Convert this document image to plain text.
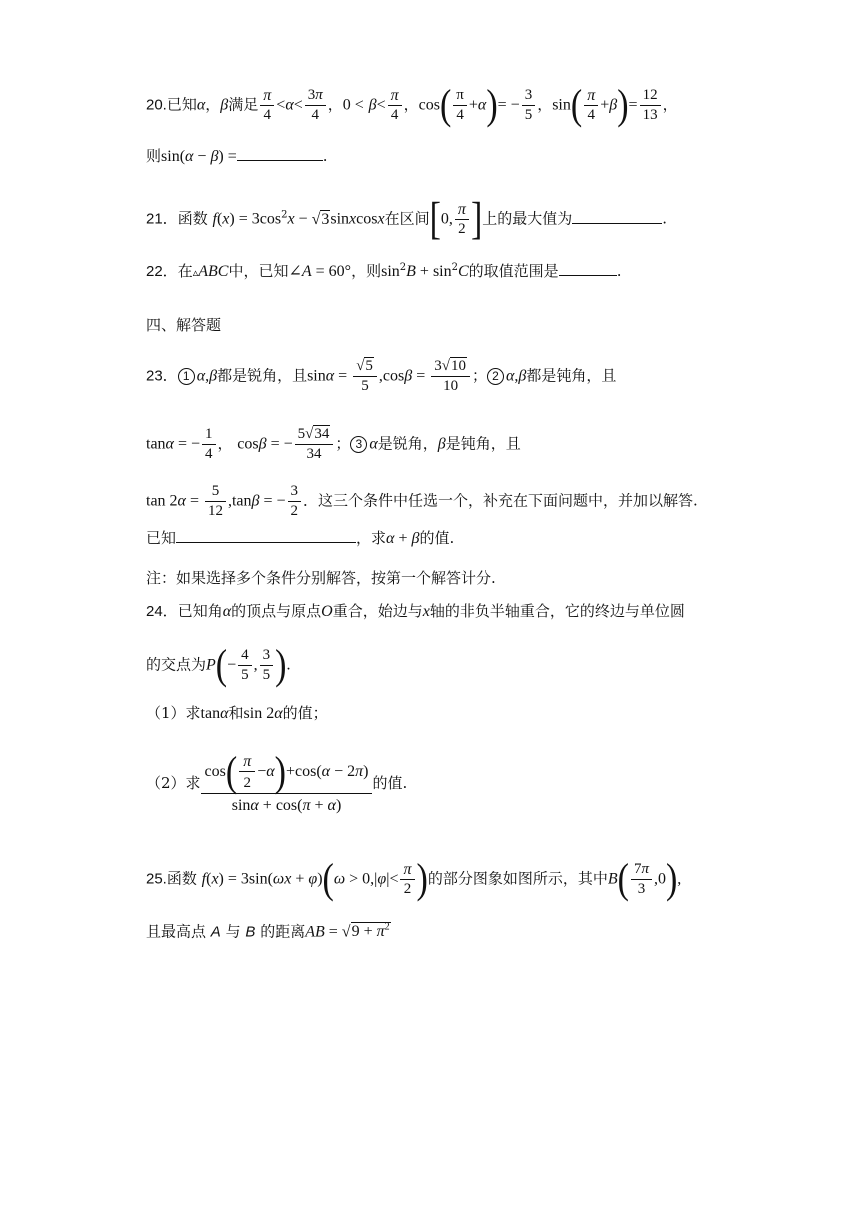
20.已知α，β满足 $\frac{\pi}{4} <\alpha< \frac{3\pi}{4}$ ，$0 < \beta< \frac{\pi}{4}$ ，$\cos( \frac{\pi}{4} +\alpha)= - \frac{3}{5}$ ，$\sin( \frac{\pi}{4} +\beta)= \frac{12}{13}$ ，
则sin(α − β) =	.
21．函数 $f(x) = 3\cos^2x$ − √3sinxcosx在区间[0, $\frac{\pi}{2}$ ]上的最大值为	.
22．在▵ABC中，已知∠A = 60°，则$\sin^2B + \sin^2C$的取值范围是	.
四、解答题
23． 1 α,β都是锐角，且$\sin\alpha = \frac{√5}{5} ,\cos\beta = \frac{3√10}{10}$ ； 2 α,β都是钝角，且
tanα = − $\frac{1}{4}$ ， cosβ = − $\frac{5√34}{34}$ ； 3 α是锐角，β是钝角，且
$\tan 2\alpha = \frac{5}{12} ,\tan\beta$ = − $\frac{3}{2}$ ．这三个条件中任选一个，补充在下面问题中，并加以解答.
已知	，求α + β的值.
注：如果选择多个条件分别解答，按第一个解答计分.
24．已知角α的顶点与原点O重合，始边与x轴的非负半轴重合，它的终边与单位圆
的交点为$P(- \frac{4}{5}$ , $\frac{3}{5}$ ).
（1）求tanα和sin 2α的值；
（2）求 $\frac{\cos( \frac{\pi}{2} -\alpha)+\cos(\alpha - 2\pi)}{\sin\alpha + \cos(\pi + \alpha)}$ 的值.
25.函数 $f(x) = 3\sin(\omega x + \varphi)(\omega > 0,|\varphi|< \frac{\pi}{2}$ )的部分图象如图所示，其中$B( \frac{7\pi}{3} ,0)$,
且最高点 A 与 B 的距离AB = $√9 + \pi^2$
